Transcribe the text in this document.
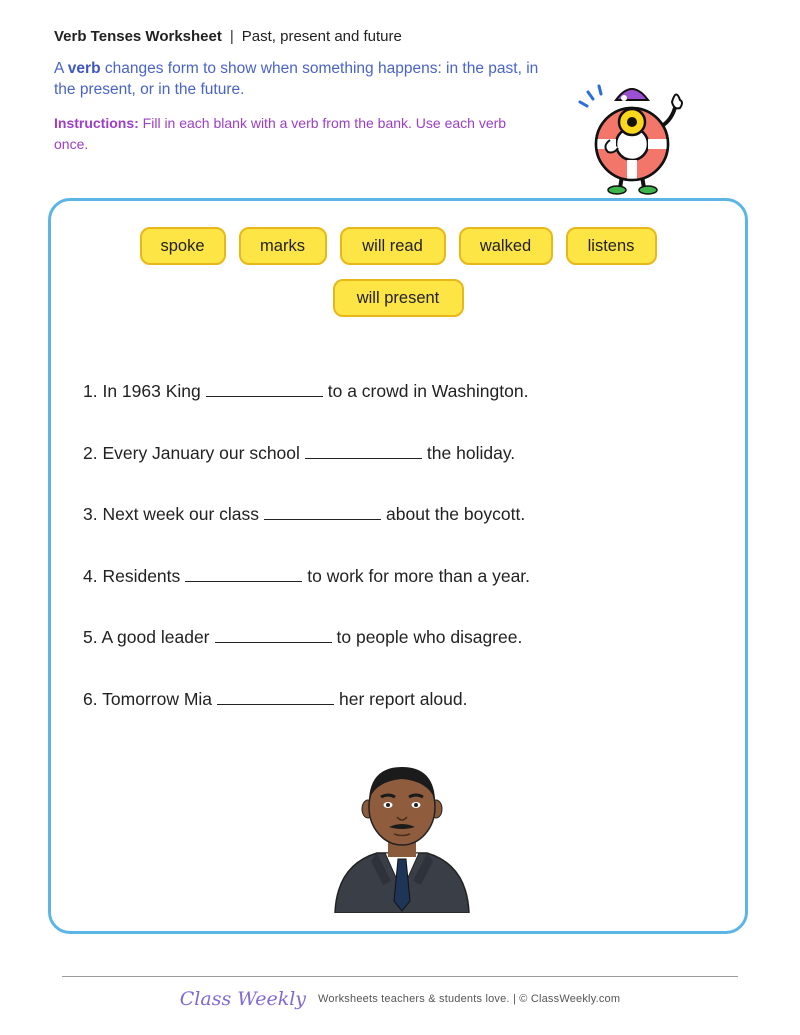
Verb Tenses Worksheet | Past, present and future
A verb changes form to show when something happens: in the past, in the present, or in the future.
Instructions: Fill in each blank with a verb from the bank. Use each verb once.
spoke	marks	will read	walked	listens
will present
1. In 1963 King	to a crowd in Washington.
2. Every January our school	the holiday.
3. Next week our class	about the boycott.
4. Residents	to work for more than a year.
5. A good leader	to people who disagree.
6. Tomorrow Mia	her report aloud.
Class Weekly Worksheets teachers & students love. | © ClassWeekly.com
